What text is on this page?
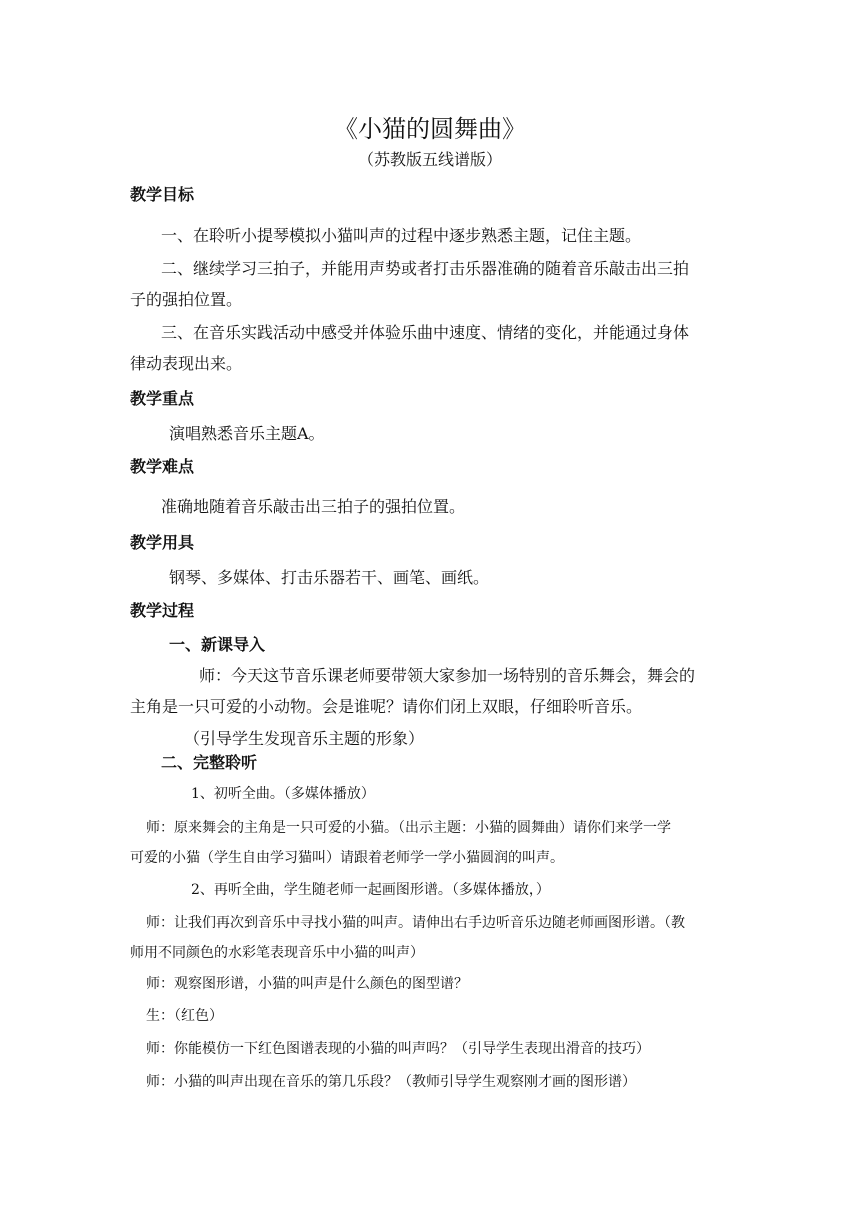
《小猫的圆舞曲》
（苏教版五线谱版）
教学目标
一、在聆听小提琴模拟小猫叫声的过程中逐步熟悉主题，记住主题。
二、继续学习三拍子，并能用声势或者打击乐器准确的随着音乐敲击出三拍
子的强拍位置。
三、在音乐实践活动中感受并体验乐曲中速度、情绪的变化，并能通过身体
律动表现出来。
教学重点
演唱熟悉音乐主题A。
教学难点
准确地随着音乐敲击出三拍子的强拍位置。
教学用具
钢琴、多媒体、打击乐器若干、画笔、画纸。
教学过程
一、新课导入
师：今天这节音乐课老师要带领大家参加一场特别的音乐舞会，舞会的
主角是一只可爱的小动物。会是谁呢？请你们闭上双眼，仔细聆听音乐。
（引导学生发现音乐主题的形象）
二、完整聆听
1、初听全曲。（多媒体播放）
师：原来舞会的主角是一只可爱的小猫。（出示主题：小猫的圆舞曲）请你们来学一学
可爱的小猫（学生自由学习猫叫）请跟着老师学一学小猫圆润的叫声。
2、再听全曲，学生随老师一起画图形谱。（多媒体播放，）
师：让我们再次到音乐中寻找小猫的叫声。请伸出右手边听音乐边随老师画图形谱。（教
师用不同颜色的水彩笔表现音乐中小猫的叫声）
师：观察图形谱，小猫的叫声是什么颜色的图型谱？
生：（红色）
师：你能模仿一下红色图谱表现的小猫的叫声吗？（引导学生表现出滑音的技巧）
师：小猫的叫声出现在音乐的第几乐段？（教师引导学生观察刚才画的图形谱）
